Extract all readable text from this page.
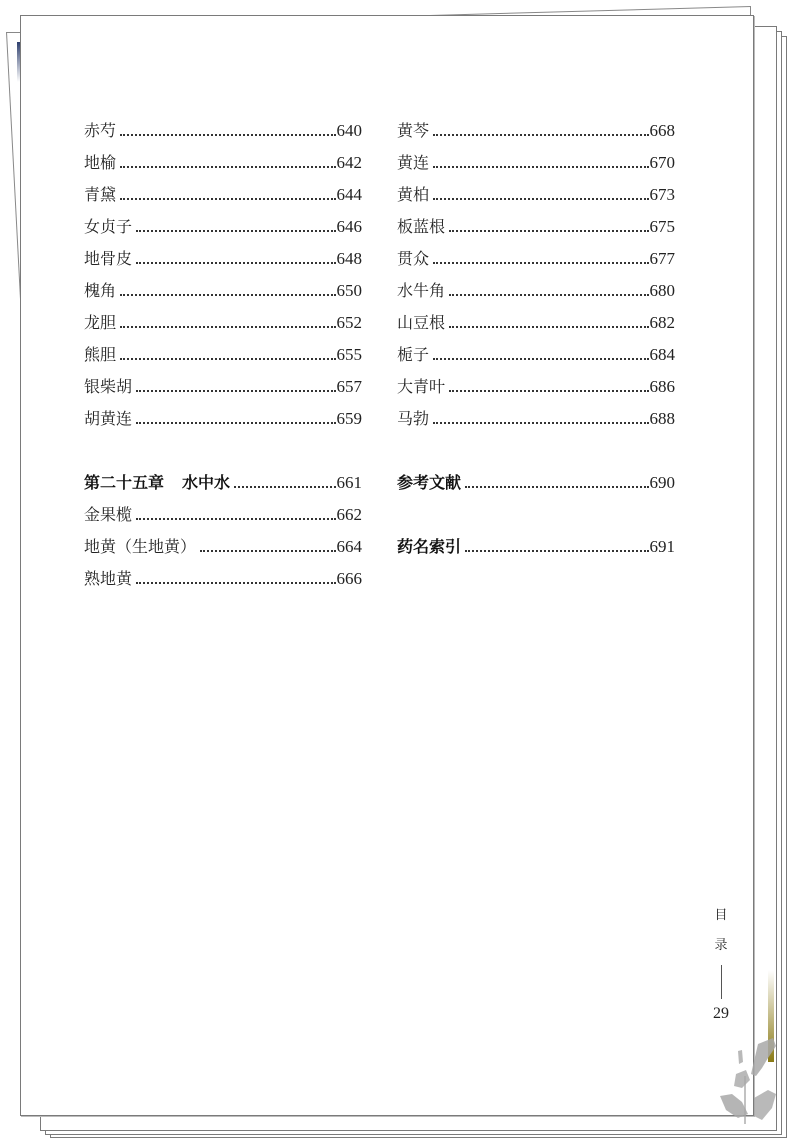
赤芍	640
地榆	642
青黛	644
女贞子	646
地骨皮	648
槐角	650
龙胆	652
熊胆	655
银柴胡	657
胡黄连	659
第二十五章 水中水	661
金果榄	662
地黄（生地黄）	664
熟地黄	666
黄芩	668
黄连	670
黄柏	673
板蓝根	675
贯众	677
水牛角	680
山豆根	682
栀子	684
大青叶	686
马勃	688
参考文献	690
药名索引	691
目
录
29
